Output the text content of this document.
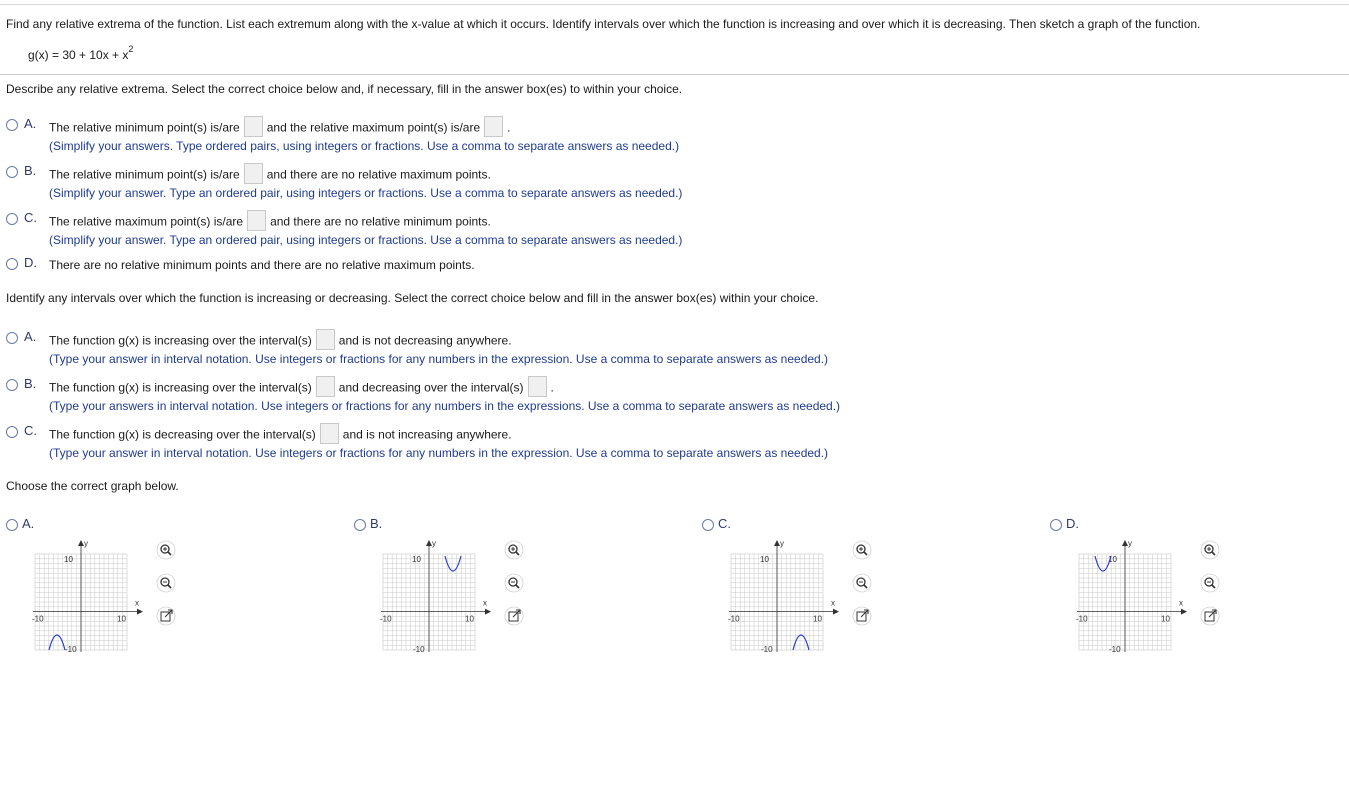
Find any relative extrema of the function. List each extremum along with the x-value at which it occurs. Identify intervals over which the function is increasing and over which it is decreasing. Then sketch a graph of the function.
$g(x) = 30 + 10x + x^2$
Describe any relative extrema. Select the correct choice below and, if necessary, fill in the answer box(es) to within your choice.
A. The relative minimum point(s) is/are and the relative maximum point(s) is/are .
(Simplify your answers. Type ordered pairs, using integers or fractions. Use a comma to separate answers as needed.)
B. The relative minimum point(s) is/are and there are no relative maximum points.
(Simplify your answer. Type an ordered pair, using integers or fractions. Use a comma to separate answers as needed.)
C. The relative maximum point(s) is/are and there are no relative minimum points.
(Simplify your answer. Type an ordered pair, using integers or fractions. Use a comma to separate answers as needed.)
D. There are no relative minimum points and there are no relative maximum points.
Identify any intervals over which the function is increasing or decreasing. Select the correct choice below and fill in the answer box(es) within your choice.
A. The function g(x) is increasing over the interval(s) and is not decreasing anywhere.
(Type your answer in interval notation. Use integers or fractions for any numbers in the expression. Use a comma to separate answers as needed.)
B. The function g(x) is increasing over the interval(s) and decreasing over the interval(s) .
(Type your answers in interval notation. Use integers or fractions for any numbers in the expressions. Use a comma to separate answers as needed.)
C. The function g(x) is decreasing over the interval(s) and is not increasing anywhere.
(Type your answer in interval notation. Use integers or fractions for any numbers in the expression. Use a comma to separate answers as needed.)
Choose the correct graph below.
A.
y
x
10
-10
-10	10
B.
y
x
10
-10
-10	10
C.
y
x
10
-10
-10	10
D.
y
x
10
-10
-10	10
